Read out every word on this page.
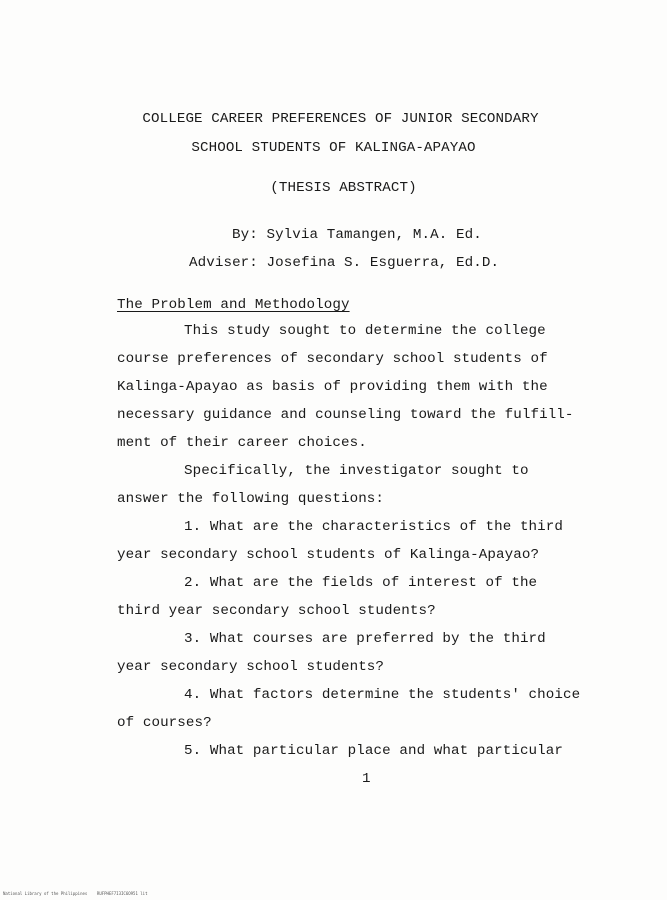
COLLEGE CAREER PREFERENCES OF JUNIOR SECONDARY
SCHOOL STUDENTS OF KALINGA-APAYAO
(THESIS ABSTRACT)
By: Sylvia Tamangen, M.A. Ed.
Adviser: Josefina S. Esguerra, Ed.D.
The Problem and Methodology
This study sought to determine the college
course preferences of secondary school students of
Kalinga-Apayao as basis of providing them with the
necessary guidance and counseling toward the fulfill-
ment of their career choices.
Specifically, the investigator sought to
answer the following questions:
1. What are the characteristics of the third
year secondary school students of Kalinga-Apayao?
2. What are the fields of interest of the
third year secondary school students?
3. What courses are preferred by the third
year secondary school students?
4. What factors determine the students' choice
of courses?
5. What particular place and what particular
1
National Library of the Philippines    RUFPHEF7I3IC6O951 lit
